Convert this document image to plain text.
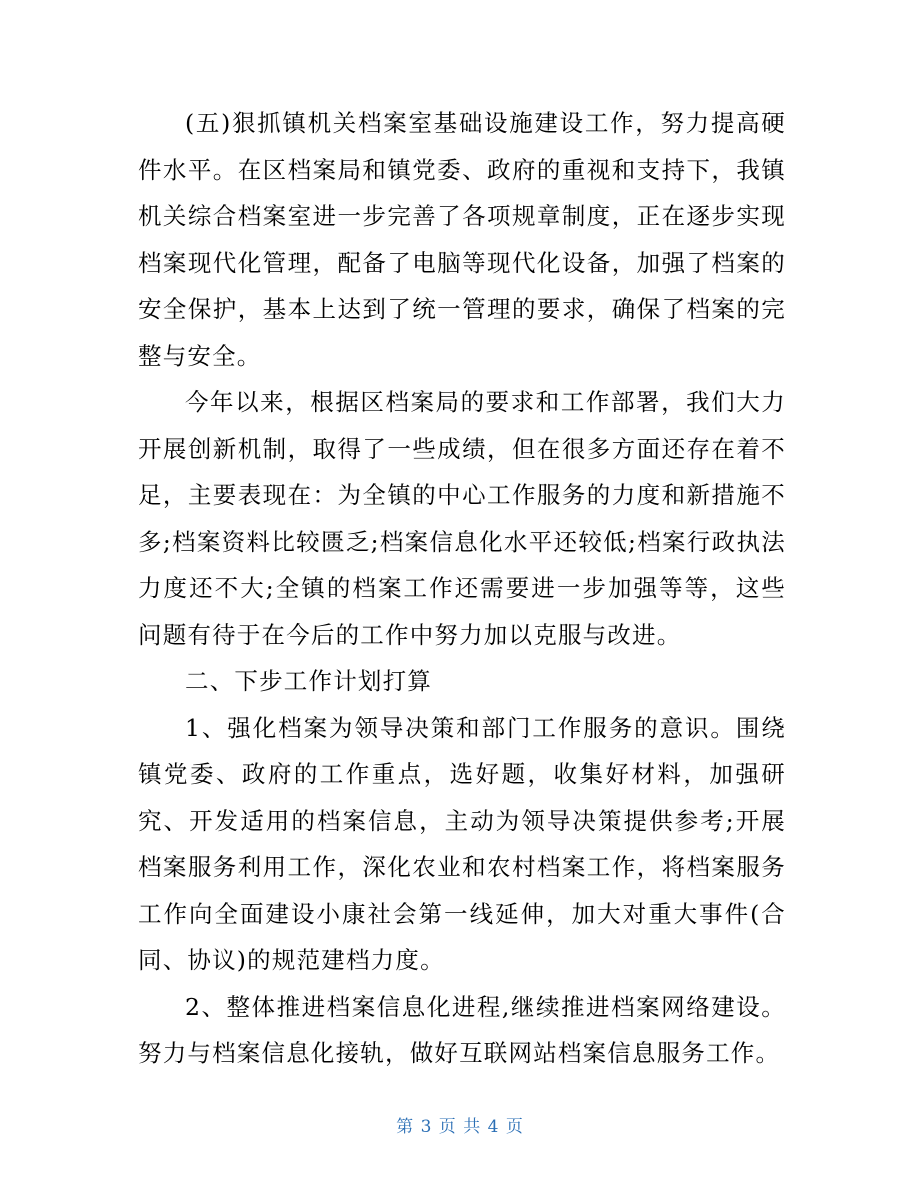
(五)狠抓镇机关档案室基础设施建设工作，努力提高硬件水平。在区档案局和镇党委、政府的重视和支持下，我镇机关综合档案室进一步完善了各项规章制度，正在逐步实现档案现代化管理，配备了电脑等现代化设备，加强了档案的安全保护，基本上达到了统一管理的要求，确保了档案的完整与安全。

今年以来，根据区档案局的要求和工作部署，我们大力开展创新机制，取得了一些成绩，但在很多方面还存在着不足，主要表现在：为全镇的中心工作服务的力度和新措施不多;档案资料比较匮乏;档案信息化水平还较低;档案行政执法力度还不大;全镇的档案工作还需要进一步加强等等，这些问题有待于在今后的工作中努力加以克服与改进。

二、下步工作计划打算

1、强化档案为领导决策和部门工作服务的意识。围绕镇党委、政府的工作重点，选好题，收集好材料，加强研究、开发适用的档案信息，主动为领导决策提供参考;开展档案服务利用工作，深化农业和农村档案工作，将档案服务工作向全面建设小康社会第一线延伸，加大对重大事件(合同、协议)的规范建档力度。

2、整体推进档案信息化进程,继续推进档案网络建设。努力与档案信息化接轨，做好互联网站档案信息服务工作。

第 3 页 共 4 页
